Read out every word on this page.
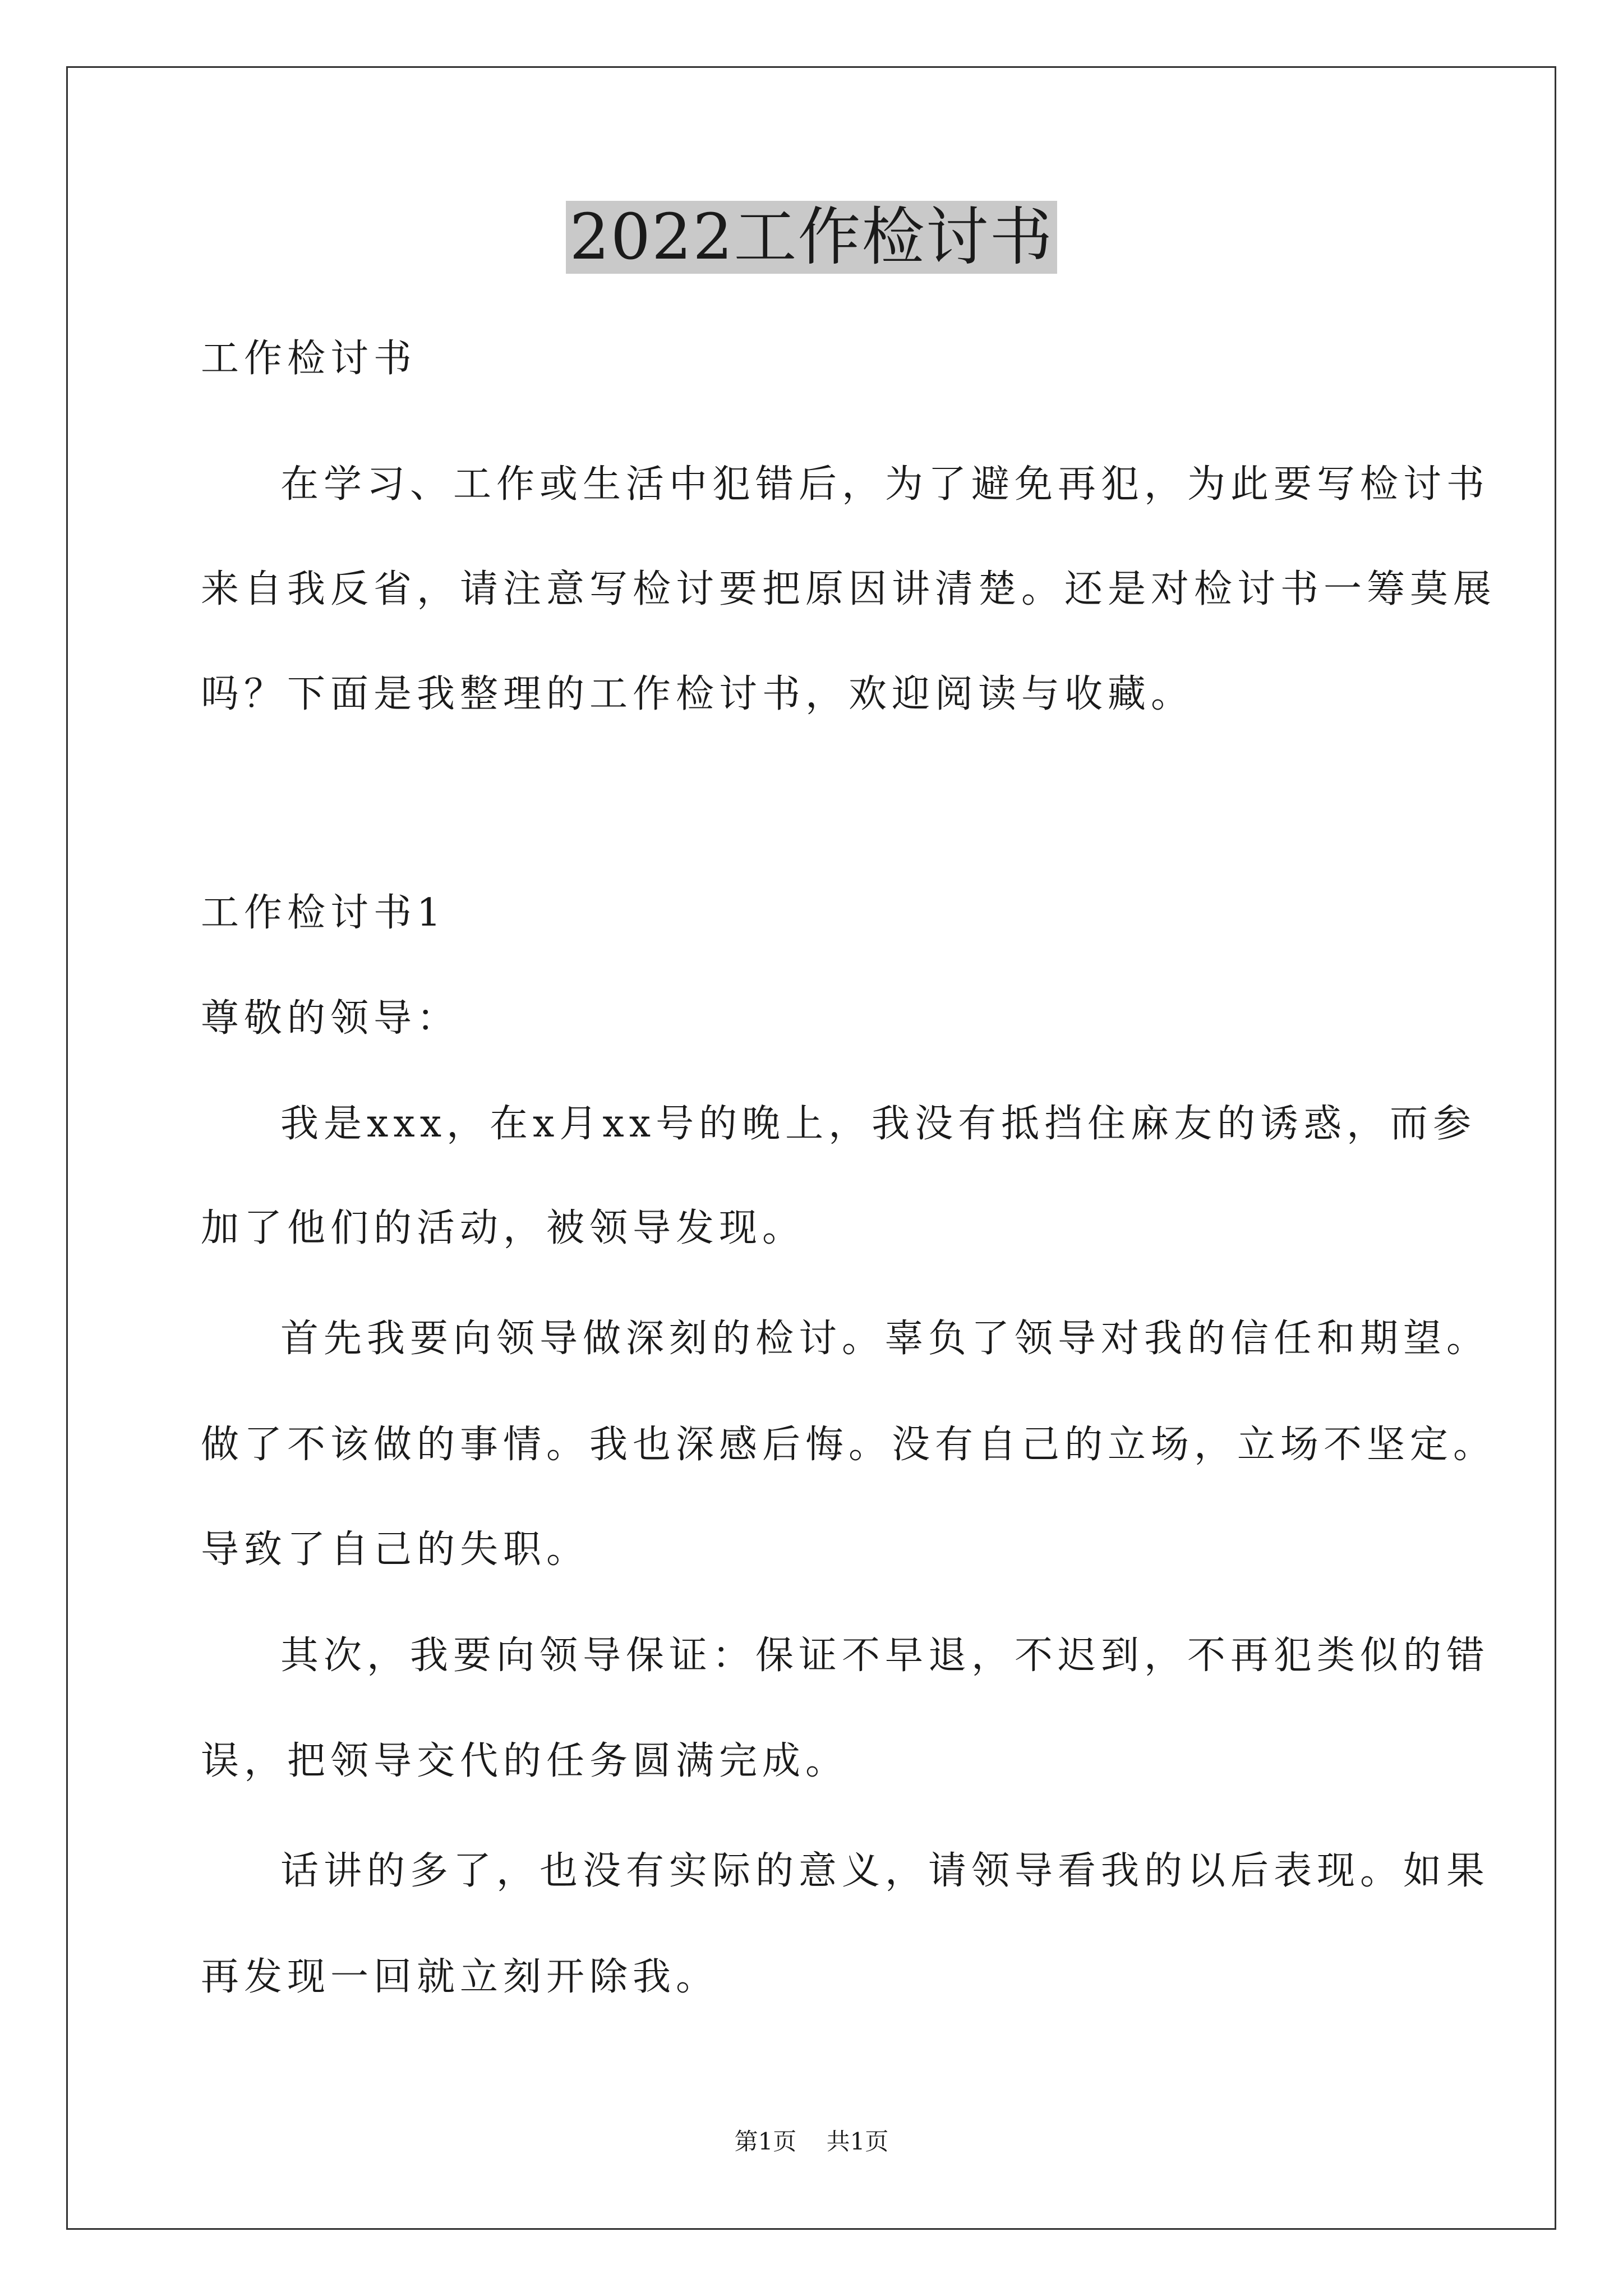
2022工作检讨书
工作检讨书
在学习、工作或生活中犯错后，为了避免再犯，为此要写检讨书
来自我反省，请注意写检讨要把原因讲清楚。还是对检讨书一筹莫展
吗？下面是我整理的工作检讨书，欢迎阅读与收藏。
工作检讨书1
尊敬的领导：
我是xxx，在x月xx号的晚上，我没有抵挡住麻友的诱惑，而参
加了他们的活动，被领导发现。
首先我要向领导做深刻的检讨。辜负了领导对我的信任和期望。
做了不该做的事情。我也深感后悔。没有自己的立场，立场不坚定。
导致了自己的失职。
其次，我要向领导保证：保证不早退，不迟到，不再犯类似的错
误，把领导交代的任务圆满完成。
话讲的多了，也没有实际的意义，请领导看我的以后表现。如果
再发现一回就立刻开除我。
第1页 共1页
